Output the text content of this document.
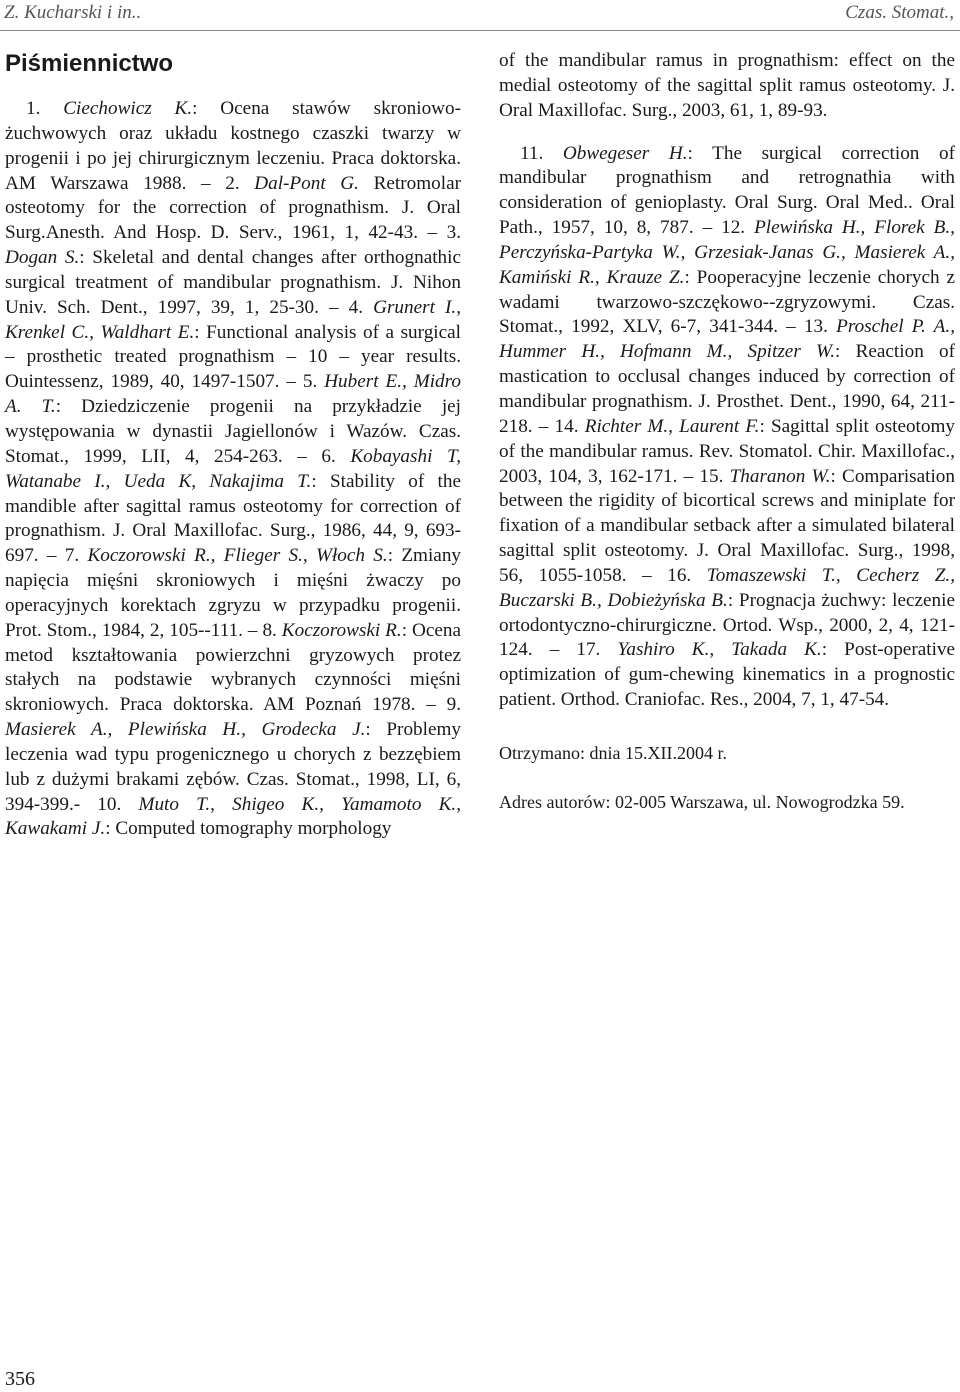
Z. Kucharski i in..	Czas. Stomat.,
Piśmiennictwo

1. Ciechowicz K.: Ocena stawów skroniowo-żuchwowych oraz układu kostnego czaszki twarzy w progenii i po jej chirurgicznym leczeniu. Praca doktorska. AM Warszawa 1988. – 2. Dal-Pont G. Retromolar osteotomy for the correction of prognathism. J. Oral Surg.Anesth. And Hosp. D. Serv., 1961, 1, 42-43. – 3. Dogan S.: Skeletal and dental changes after orthognathic surgical treatment of mandibular prognathism. J. Nihon Univ. Sch. Dent., 1997, 39, 1, 25-30. – 4. Grunert I., Krenkel C., Waldhart E.: Functional analysis of a surgical – prosthetic treated prognathism – 10 – year results. Ouintessenz, 1989, 40, 1497-1507. – 5. Hubert E., Midro A. T.: Dziedziczenie progenii na przykładzie jej występowania w dynastii Jagiellonów i Wazów. Czas. Stomat., 1999, LII, 4, 254-263. – 6. Kobayashi T, Watanabe I., Ueda K, Nakajima T.: Stability of the mandible after sagittal ramus osteotomy for correction of prognathism. J. Oral Maxillofac. Surg., 1986, 44, 9, 693-697. – 7. Koczorowski R., Flieger S., Włoch S.: Zmiany napięcia mięśni skroniowych i mięśni żwaczy po operacyjnych korektach zgryzu w przypadku progenii. Prot. Stom., 1984, 2, 105--111. – 8. Koczorowski R.: Ocena metod kształtowania powierzchni gryzowych protez stałych na podstawie wybranych czynności mięśni skroniowych. Praca doktorska. AM Poznań 1978. – 9. Masierek A., Plewińska H., Grodecka J.: Problemy leczenia wad typu progenicznego u chorych z bezzębiem lub z dużymi brakami zębów. Czas. Stomat., 1998, LI, 6, 394-399.- 10. Muto T., Shigeo K., Yamamoto K., Kawakami J.: Computed tomography morphology

of the mandibular ramus in prognathism: effect on the medial osteotomy of the sagittal split ramus osteotomy. J. Oral Maxillofac. Surg., 2003, 61, 1, 89-93.

11. Obwegeser H.: The surgical correction of mandibular prognathism and retrognathia with consideration of genioplasty. Oral Surg. Oral Med.. Oral Path., 1957, 10, 8, 787. – 12. Plewińska H., Florek B., Perczyńska-Partyka W., Grzesiak-Janas G., Masierek A., Kamiński R., Krauze Z.: Pooperacyjne leczenie chorych z wadami twarzowo-szczękowo--zgryzowymi. Czas. Stomat., 1992, XLV, 6-7, 341-344. – 13. Proschel P. A., Hummer H., Hofmann M., Spitzer W.: Reaction of mastication to occlusal changes induced by correction of mandibular prognathism. J. Prosthet. Dent., 1990, 64, 211-218. – 14. Richter M., Laurent F.: Sagittal split osteotomy of the mandibular ramus. Rev. Stomatol. Chir. Maxillofac., 2003, 104, 3, 162-171. – 15. Tharanon W.: Comparisation between the rigidity of bicortical screws and miniplate for fixation of a mandibular setback after a simulated bilateral sagittal split osteotomy. J. Oral Maxillofac. Surg., 1998, 56, 1055-1058. – 16. Tomaszewski T., Cecherz Z., Buczarski B., Dobieżyńska B.: Prognacja żuchwy: leczenie ortodontyczno-chirurgiczne. Ortod. Wsp., 2000, 2, 4, 121-124. – 17. Yashiro K., Takada K.: Post-operative optimization of gum-chewing kinematics in a prognostic patient. Orthod. Craniofac. Res., 2004, 7, 1, 47-54.

Otrzymano: dnia 15.XII.2004 r.

Adres autorów: 02-005 Warszawa, ul. Nowogrodzka 59.

356
